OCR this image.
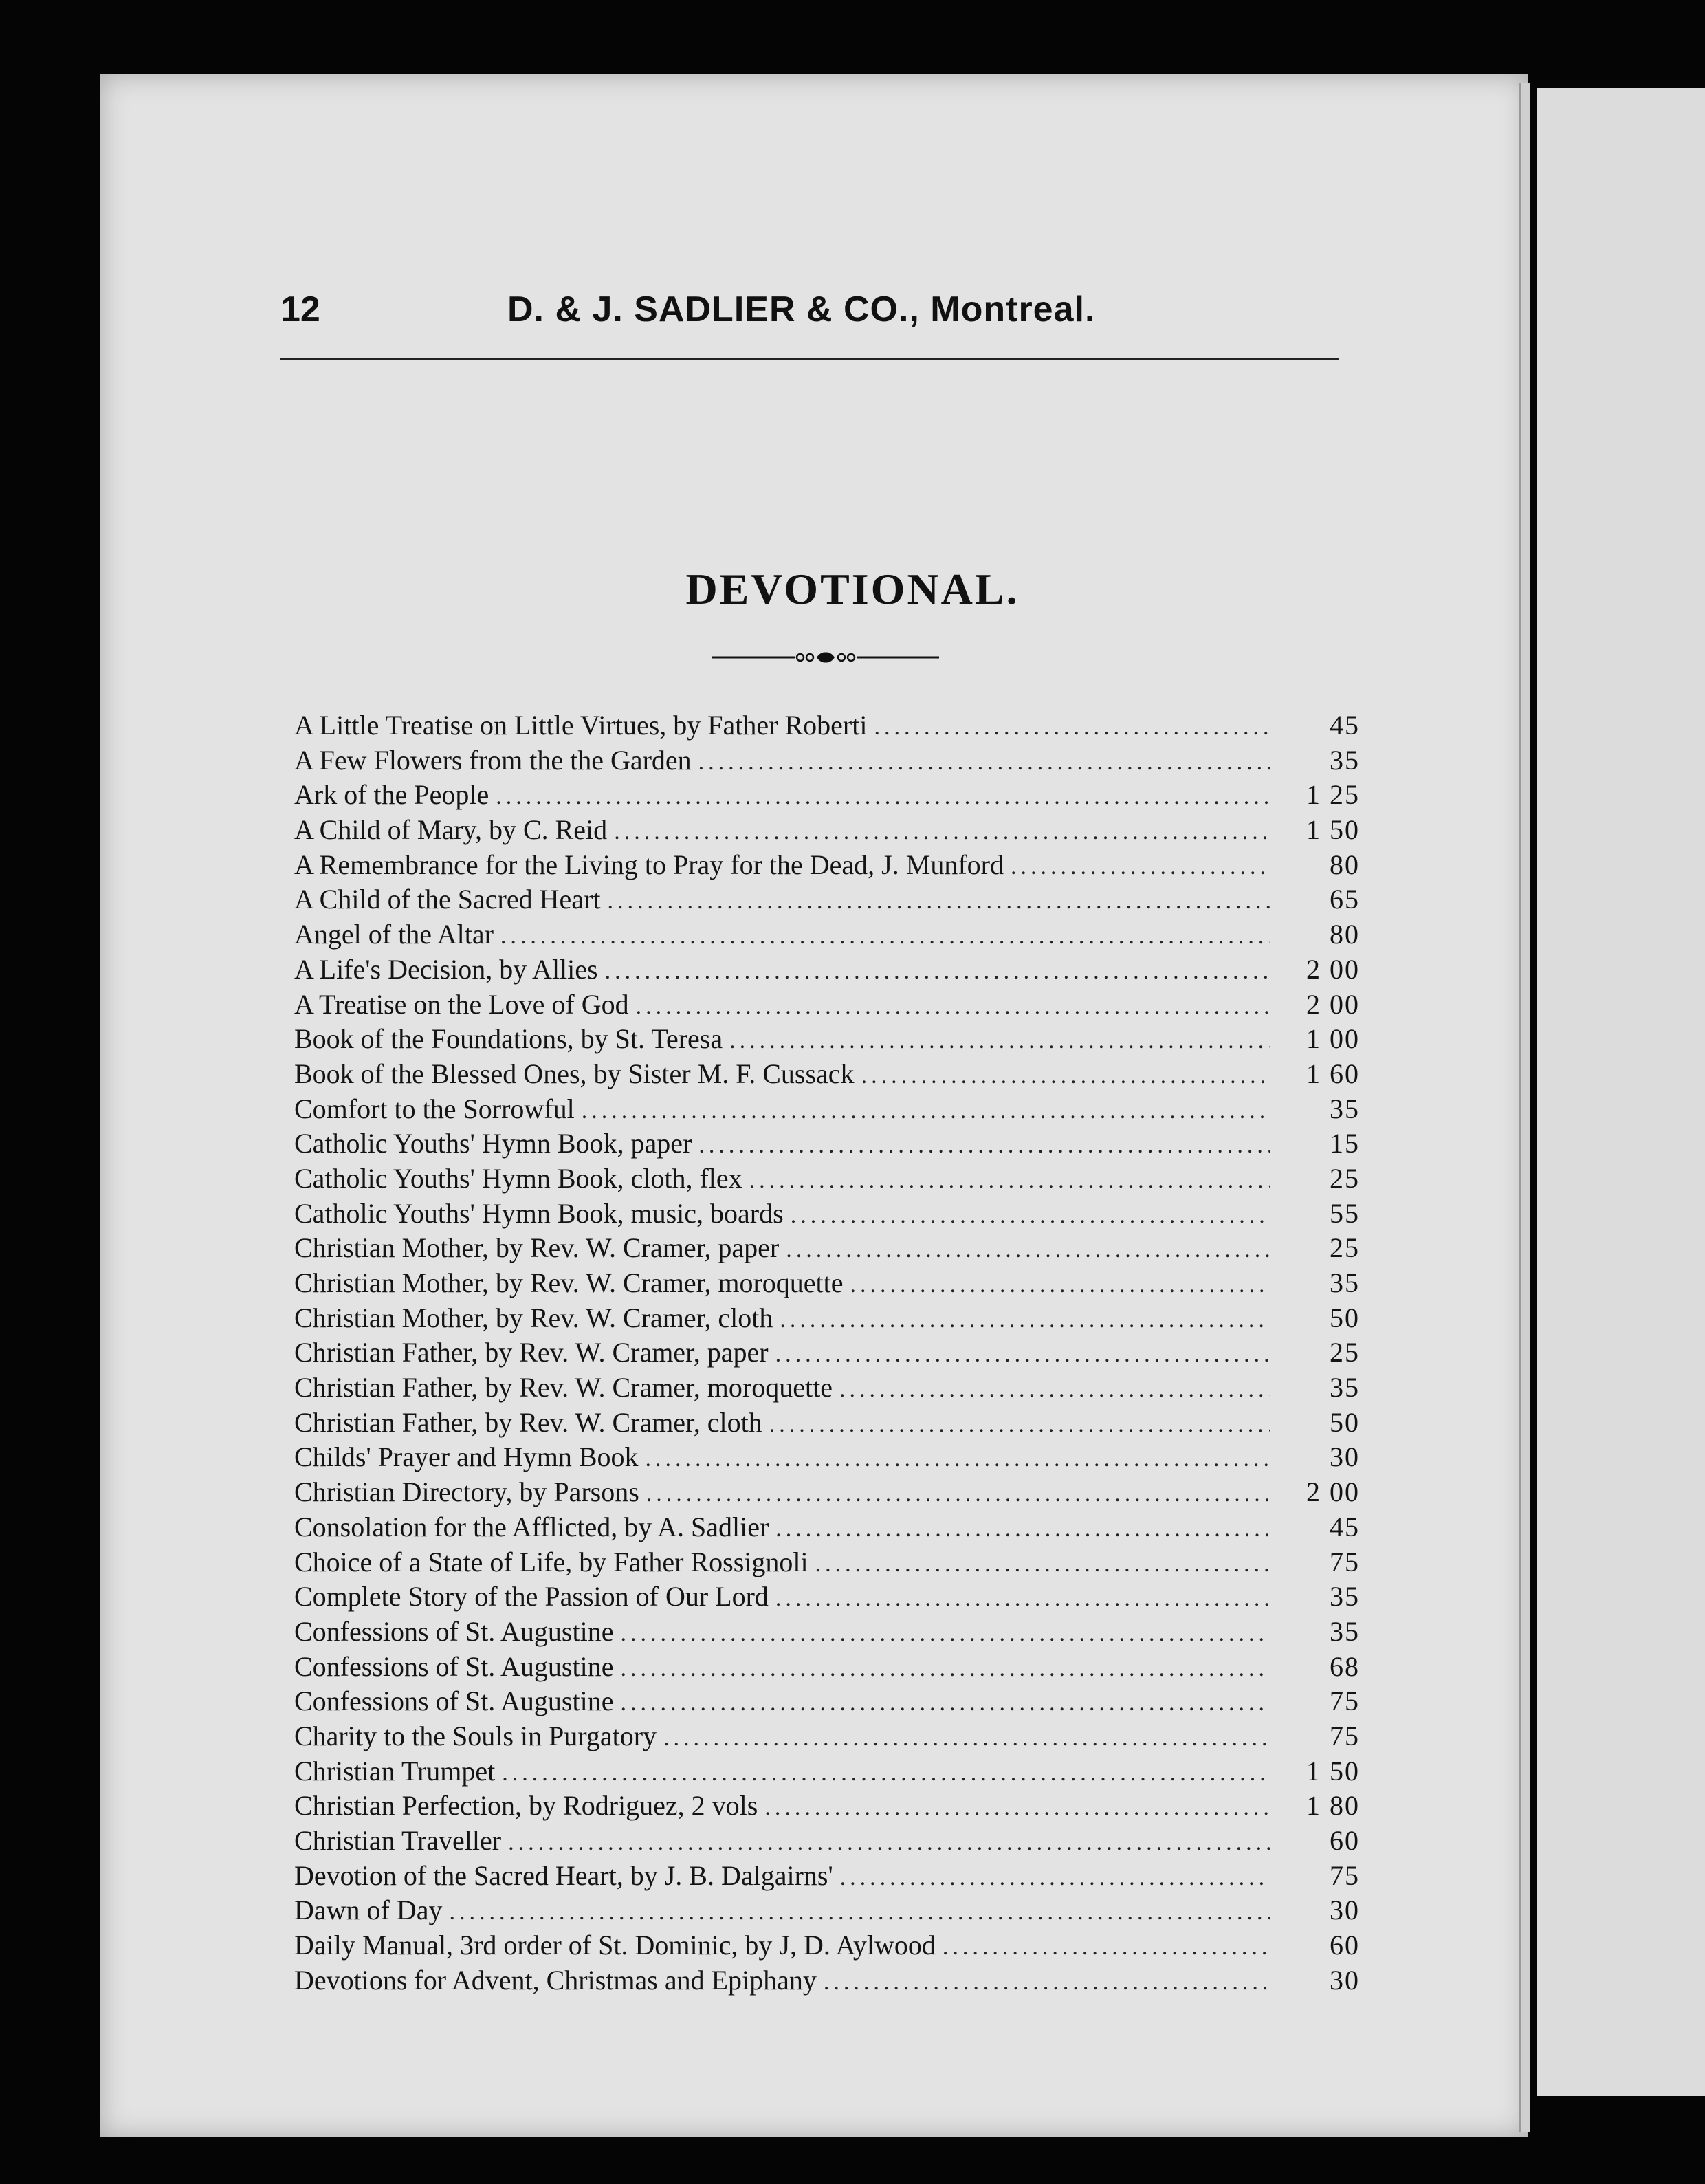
12	D. & J. SADLIER & CO., Montreal.
DEVOTIONAL.
A Little Treatise on Little Virtues, by Father Roberti .....	45
A Few Flowers from the the Garden .....	35
Ark of the People .....	1 25
A Child of Mary, by C. Reid .....	1 50
A Remembrance for the Living to Pray for the Dead, J. Munford .....	80
A Child of the Sacred Heart .....	65
Angel of the Altar .....	80
A Life's Decision, by Allies .....	2 00
A Treatise on the Love of God .....	2 00
Book of the Foundations, by St. Teresa .....	1 00
Book of the Blessed Ones, by Sister M. F. Cussack .....	1 60
Comfort to the Sorrowful .....	35
Catholic Youths' Hymn Book, paper .....	15
Catholic Youths' Hymn Book, cloth, flex .....	25
Catholic Youths' Hymn Book, music, boards .....	55
Christian Mother, by Rev. W. Cramer, paper .....	25
Christian Mother, by Rev. W. Cramer, moroquette .....	35
Christian Mother, by Rev. W. Cramer, cloth .....	50
Christian Father, by Rev. W. Cramer, paper .....	25
Christian Father, by Rev. W. Cramer, moroquette .....	35
Christian Father, by Rev. W. Cramer, cloth .....	50
Childs' Prayer and Hymn Book .....	30
Christian Directory, by Parsons .....	2 00
Consolation for the Afflicted, by A. Sadlier .....	45
Choice of a State of Life, by Father Rossignoli .....	75
Complete Story of the Passion of Our Lord .....	35
Confessions of St. Augustine .....	35
Confessions of St. Augustine .....	68
Confessions of St. Augustine .....	75
Charity to the Souls in Purgatory .....	75
Christian Trumpet .....	1 50
Christian Perfection, by Rodriguez, 2 vols .....	1 80
Christian Traveller .....	60
Devotion of the Sacred Heart, by J. B. Dalgairns' .....	75
Dawn of Day .....	30
Daily Manual, 3rd order of St. Dominic, by J, D. Aylwood .....	60
Devotions for Advent, Christmas and Epiphany .....	30
